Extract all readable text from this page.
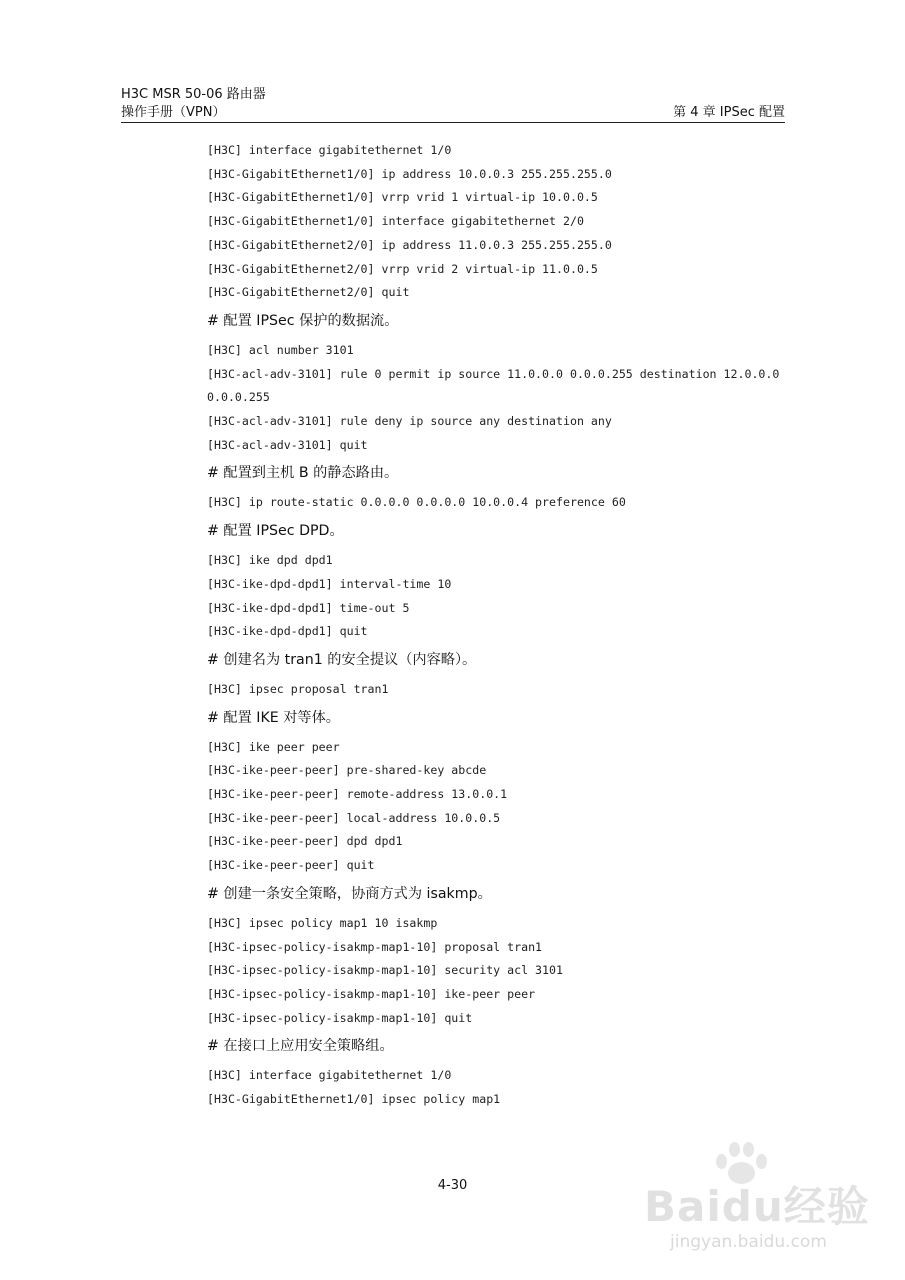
H3C MSR 50-06 路由器
操作手册（VPN）	第 4 章 IPSec 配置
[H3C] interface gigabitethernet 1/0
[H3C-GigabitEthernet1/0] ip address 10.0.0.3 255.255.255.0
[H3C-GigabitEthernet1/0] vrrp vrid 1 virtual-ip 10.0.0.5
[H3C-GigabitEthernet1/0] interface gigabitethernet 2/0
[H3C-GigabitEthernet2/0] ip address 11.0.0.3 255.255.255.0
[H3C-GigabitEthernet2/0] vrrp vrid 2 virtual-ip 11.0.0.5
[H3C-GigabitEthernet2/0] quit
# 配置 IPSec 保护的数据流。
[H3C] acl number 3101
[H3C-acl-adv-3101] rule 0 permit ip source 11.0.0.0 0.0.0.255 destination 12.0.0.0 0.0.0.255
[H3C-acl-adv-3101] rule deny ip source any destination any
[H3C-acl-adv-3101] quit
# 配置到主机 B 的静态路由。
[H3C] ip route-static 0.0.0.0 0.0.0.0 10.0.0.4 preference 60
# 配置 IPSec DPD。
[H3C] ike dpd dpd1
[H3C-ike-dpd-dpd1] interval-time 10
[H3C-ike-dpd-dpd1] time-out 5
[H3C-ike-dpd-dpd1] quit
# 创建名为 tran1 的安全提议（内容略）。
[H3C] ipsec proposal tran1
# 配置 IKE 对等体。
[H3C] ike peer peer
[H3C-ike-peer-peer] pre-shared-key abcde
[H3C-ike-peer-peer] remote-address 13.0.0.1
[H3C-ike-peer-peer] local-address 10.0.0.5
[H3C-ike-peer-peer] dpd dpd1
[H3C-ike-peer-peer] quit
# 创建一条安全策略，协商方式为 isakmp。
[H3C] ipsec policy map1 10 isakmp
[H3C-ipsec-policy-isakmp-map1-10] proposal tran1
[H3C-ipsec-policy-isakmp-map1-10] security acl 3101
[H3C-ipsec-policy-isakmp-map1-10] ike-peer peer
[H3C-ipsec-policy-isakmp-map1-10] quit
# 在接口上应用安全策略组。
[H3C] interface gigabitethernet 1/0
[H3C-GigabitEthernet1/0] ipsec policy map1
4-30	Baidu经验
jingyan.baidu.com
